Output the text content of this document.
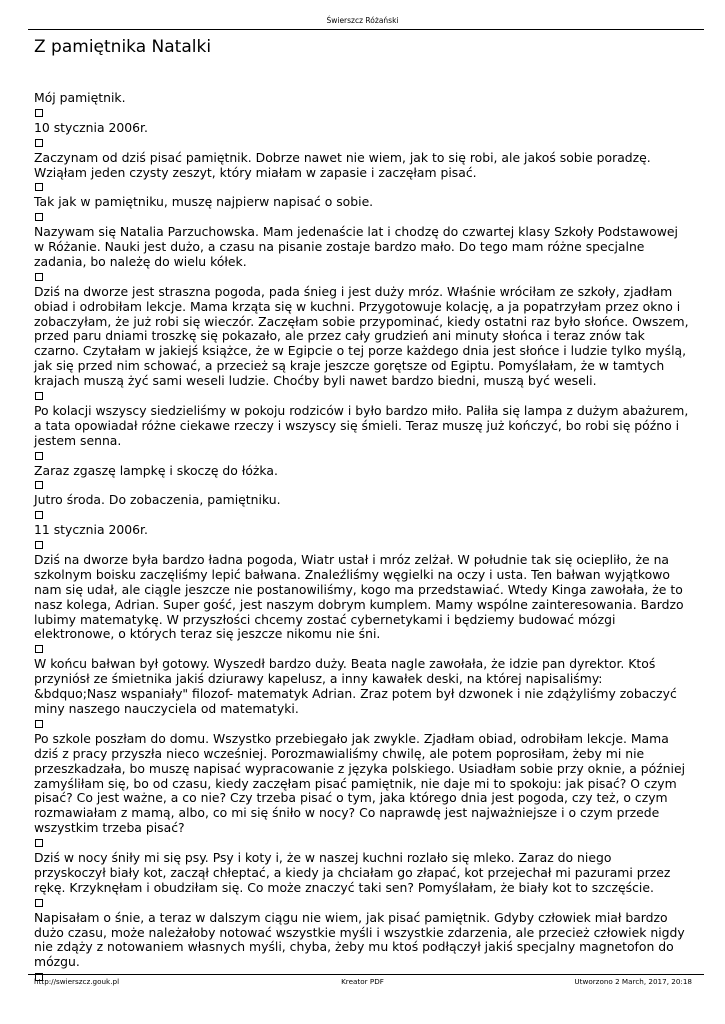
Świerszcz Różański
Z pamiętnika Natalki
Mój pamiętnik.
10 stycznia 2006r.
Zaczynam od dziś pisać pamiętnik. Dobrze nawet nie wiem, jak to się robi, ale jakoś sobie poradzę.
Wziąłam jeden czysty zeszyt, który miałam w zapasie i zaczęłam pisać.
Tak jak w pamiętniku, muszę najpierw napisać o sobie.
Nazywam się Natalia Parzuchowska. Mam jedenaście lat i chodzę do czwartej klasy Szkoły Podstawowej
w Różanie. Nauki jest dużo, a czasu na pisanie zostaje bardzo mało. Do tego mam różne specjalne
zadania, bo należę do wielu kółek.
Dziś na dworze jest straszna pogoda, pada śnieg i jest duży mróz. Właśnie wróciłam ze szkoły, zjadłam
obiad i odrobiłam lekcje. Mama krząta się w kuchni. Przygotowuje kolację, a ja popatrzyłam przez okno i
zobaczyłam, że już robi się wieczór. Zaczęłam sobie przypominać, kiedy ostatni raz było słońce. Owszem,
przed paru dniami troszkę się pokazało, ale przez cały grudzień ani minuty słońca i teraz znów tak
czarno. Czytałam w jakiejś książce, że w Egipcie o tej porze każdego dnia jest słońce i ludzie tylko myślą,
jak się przed nim schować, a przecież są kraje jeszcze gorętsze od Egiptu. Pomyślałam, że w tamtych
krajach muszą żyć sami weseli ludzie. Choćby byli nawet bardzo biedni, muszą być weseli.
Po kolacji wszyscy siedzieliśmy w pokoju rodziców i było bardzo miło. Paliła się lampa z dużym abażurem,
a tata opowiadał różne ciekawe rzeczy i wszyscy się śmieli. Teraz muszę już kończyć, bo robi się późno i
jestem senna.
Zaraz zgaszę lampkę i skoczę do łóżka.
Jutro środa. Do zobaczenia, pamiętniku.
11 stycznia 2006r.
Dziś na dworze była bardzo ładna pogoda, Wiatr ustał i mróz zelżał. W południe tak się ociepliło, że na
szkolnym boisku zaczęliśmy lepić bałwana. Znaleźliśmy węgielki na oczy i usta. Ten bałwan wyjątkowo
nam się udał, ale ciągle jeszcze nie postanowiliśmy, kogo ma przedstawiać. Wtedy Kinga zawołała, że to
nasz kolega, Adrian. Super gość, jest naszym dobrym kumplem. Mamy wspólne zainteresowania. Bardzo
lubimy matematykę. W przyszłości chcemy zostać cybernetykami i będziemy budować mózgi
elektronowe, o których teraz się jeszcze nikomu nie śni.
W końcu bałwan był gotowy. Wyszedł bardzo duży. Beata nagle zawołała, że idzie pan dyrektor. Ktoś
przyniósł ze śmietnika jakiś dziurawy kapelusz, a inny kawałek deski, na której napisaliśmy:
&bdquo;Nasz wspaniały" filozof- matematyk Adrian. Zraz potem był dzwonek i nie zdążyliśmy zobaczyć
miny naszego nauczyciela od matematyki.
Po szkole poszłam do domu. Wszystko przebiegało jak zwykle. Zjadłam obiad, odrobiłam lekcje. Mama
dziś z pracy przyszła nieco wcześniej. Porozmawialiśmy chwilę, ale potem poprosiłam, żeby mi nie
przeszkadzała, bo muszę napisać wypracowanie z języka polskiego. Usiadłam sobie przy oknie, a później
zamyśliłam się, bo od czasu, kiedy zaczęłam pisać pamiętnik, nie daje mi to spokoju: jak pisać? O czym
pisać? Co jest ważne, a co nie? Czy trzeba pisać o tym, jaka którego dnia jest pogoda, czy też, o czym
rozmawiałam z mamą, albo, co mi się śniło w nocy? Co naprawdę jest najważniejsze i o czym przede
wszystkim trzeba pisać?
Dziś w nocy śniły mi się psy. Psy i koty i, że w naszej kuchni rozlało się mleko. Zaraz do niego
przyskoczył biały kot, zaczął chłeptać, a kiedy ja chciałam go złapać, kot przejechał mi pazurami przez
rękę. Krzyknęłam i obudziłam się. Co może znaczyć taki sen? Pomyślałam, że biały kot to szczęście.
Napisałam o śnie, a teraz w dalszym ciągu nie wiem, jak pisać pamiętnik. Gdyby człowiek miał bardzo
dużo czasu, może należałoby notować wszystkie myśli i wszystkie zdarzenia, ale przecież człowiek nigdy
nie zdąży z notowaniem własnych myśli, chyba, żeby mu ktoś podłączył jakiś specjalny magnetofon do
mózgu.
http://swierszcz.gouk.pl	Kreator PDF	Utworzono 2 March, 2017, 20:18
